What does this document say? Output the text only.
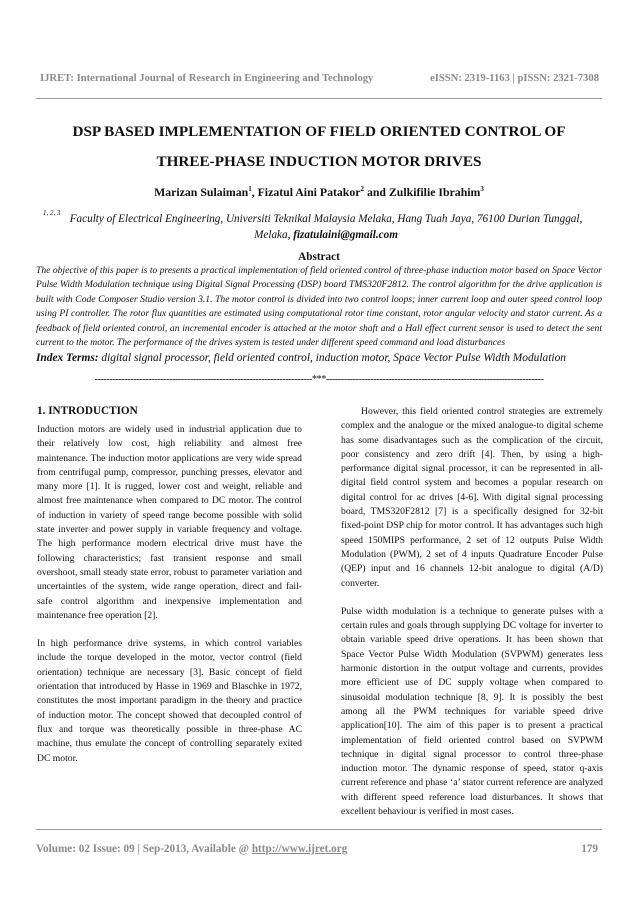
IJRET: International Journal of Research in Engineering and Technology	eISSN: 2319-1163 | pISSN: 2321-7308
DSP BASED IMPLEMENTATION OF FIELD ORIENTED CONTROL OF
THREE-PHASE INDUCTION MOTOR DRIVES
Marizan Sulaiman$^1$, Fizatul Aini Patakor$^2$ and Zulkifilie Ibrahim$^3$
1, 2, 3 Faculty of Electrical Engineering, Universiti Teknikal Malaysia Melaka, Hang Tuah Jaya, 76100 Durian Tunggal, Melaka, fizatulaini@gmail.com
Abstract
The objective of this paper is to presents a practical implementation of field oriented control of three-phase induction motor based on Space Vector Pulse Width Modulation technique using Digital Signal Processing (DSP) board TMS320F2812. The control algorithm for the drive application is built with Code Composer Studio version 3.1. The motor control is divided into two control loops; inner current loop and outer speed control loop using PI controller. The rotor flux quantities are estimated using computational rotor time constant, rotor angular velocity and stator current. As a feedback of field oriented control, an incremental encoder is attached at the motor shaft and a Hall effect current sensor is used to detect the sent current to the motor. The performance of the drives system is tested under different speed command and load disturbances
Index Terms: digital signal processor, field oriented control, induction motor, Space Vector Pulse Width Modulation
-------------------------------------------------------------------------***-------------------------------------------------------------------------
1. INTRODUCTION

Induction motors are widely used in industrial application due to their relatively low cost, high reliability and almost free maintenance. The induction motor applications are very wide spread from centrifugal pump, compressor, punching presses, elevator and many more [1]. It is rugged, lower cost and weight, reliable and almost free maintenance when compared to DC motor. The control of induction in variety of speed range become possible with solid state inverter and power supply in variable frequency and voltage. The high performance modern electrical drive must have the following characteristics; fast transient response and small overshoot, small steady state error, robust to parameter variation and uncertainties of the system, wide range operation, direct and fail-safe control algorithm and inexpensive implementation and maintenance free operation [2].

In high performance drive systems, in which control variables include the torque developed in the motor, vector control (field orientation) technique are necessary [3]. Basic concept of field orientation that introduced by Hasse in 1969 and Blaschke in 1972, constitutes the most important paradigm in the theory and practice of induction motor. The concept showed that decoupled control of flux and torque was theoretically possible in three-phase AC machine, thus emulate the concept of controlling separately exited DC motor.

However, this field oriented control strategies are extremely complex and the analogue or the mixed analogue-to digital scheme has some disadvantages such as the complication of the circuit, poor consistency and zero drift [4]. Then, by using a high-performance digital signal processor, it can be represented in all-digital field control system and becomes a popular research on digital control for ac drives [4-6]. With digital signal processing board, TMS320F2812 [7] is a specifically designed for 32-bit fixed-point DSP chip for motor control. It has advantages such high speed 150MIPS performance, 2 set of 12 outputs Pulse Width Modulation (PWM), 2 set of 4 inputs Quadrature Encoder Pulse (QEP) input and 16 channels 12-bit analogue to digital (A/D) converter.

Pulse width modulation is a technique to generate pulses with a certain rules and goals through supplying DC voltage for inverter to obtain variable speed drive operations. It has been shown that Space Vector Pulse Width Modulation (SVPWM) generates less harmonic distortion in the output voltage and currents, provides more efficient use of DC supply voltage when compared to sinusoidal modulation technique [8, 9]. It is possibly the best among all the PWM techniques for variable speed drive application[10]. The aim of this paper is to present a practical implementation of field oriented control based on SVPWM technique in digital signal processor to control three-phase induction motor. The dynamic response of speed, stator q-axis current reference and phase ‘a’ stator current reference are analyzed with different speed reference load disturbances. It shows that excellent behaviour is verified in most cases.

Volume: 02 Issue: 09 | Sep-2013, Available @ http://www.ijret.org	179
